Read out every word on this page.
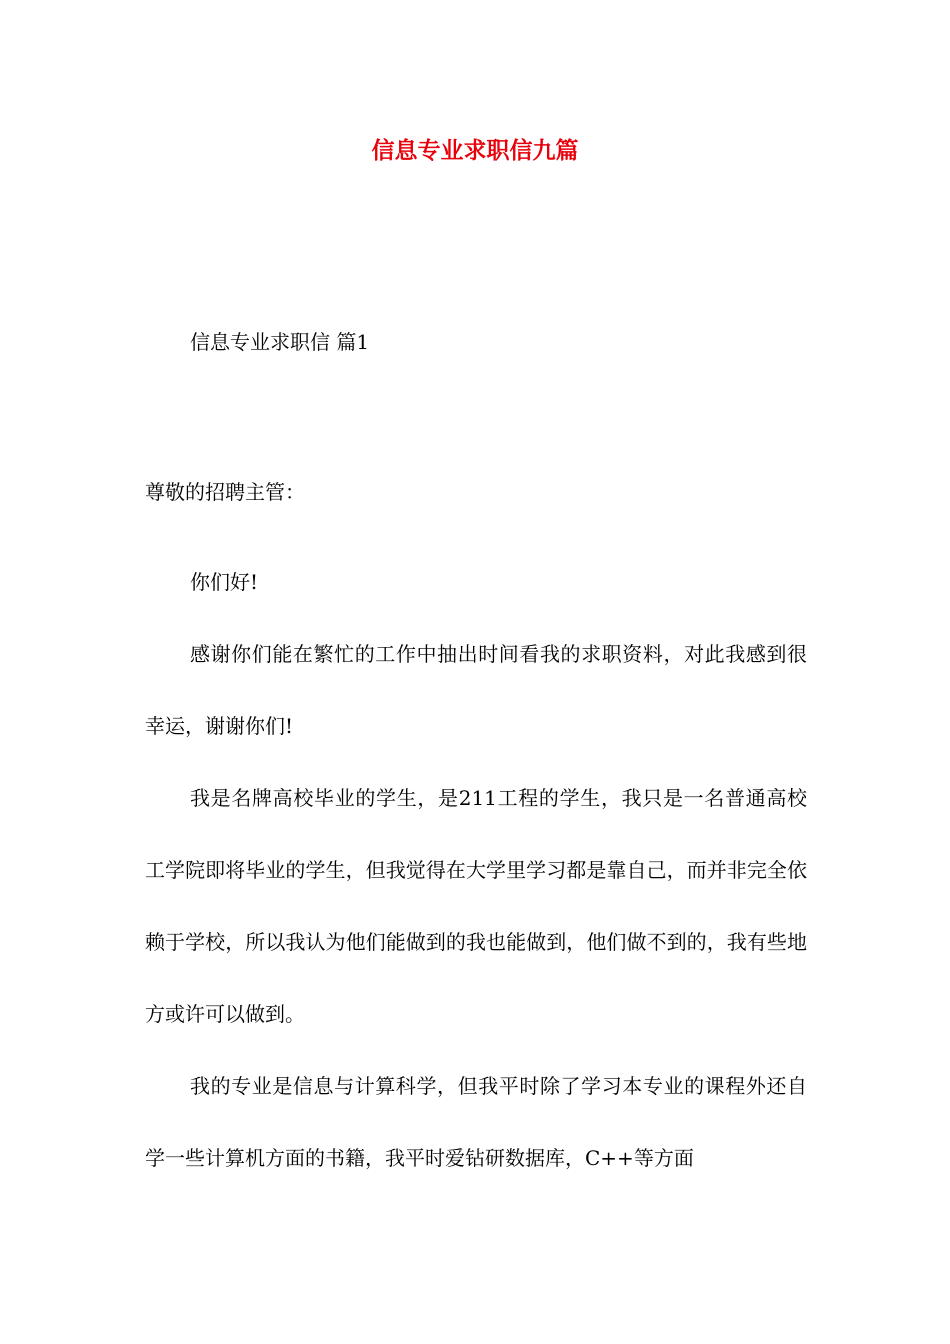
信息专业求职信九篇

信息专业求职信 篇1

尊敬的招聘主管：

你们好!

感谢你们能在繁忙的工作中抽出时间看我的求职资料，对此我感到很幸运，谢谢你们!

我是名牌高校毕业的学生，是211工程的学生，我只是一名普通高校工学院即将毕业的学生，但我觉得在大学里学习都是靠自己，而并非完全依赖于学校，所以我认为他们能做到的我也能做到，他们做不到的，我有些地方或许可以做到。

我的专业是信息与计算科学，但我平时除了学习本专业的课程外还自学一些计算机方面的书籍，我平时爱钻研数据库，C++等方面
